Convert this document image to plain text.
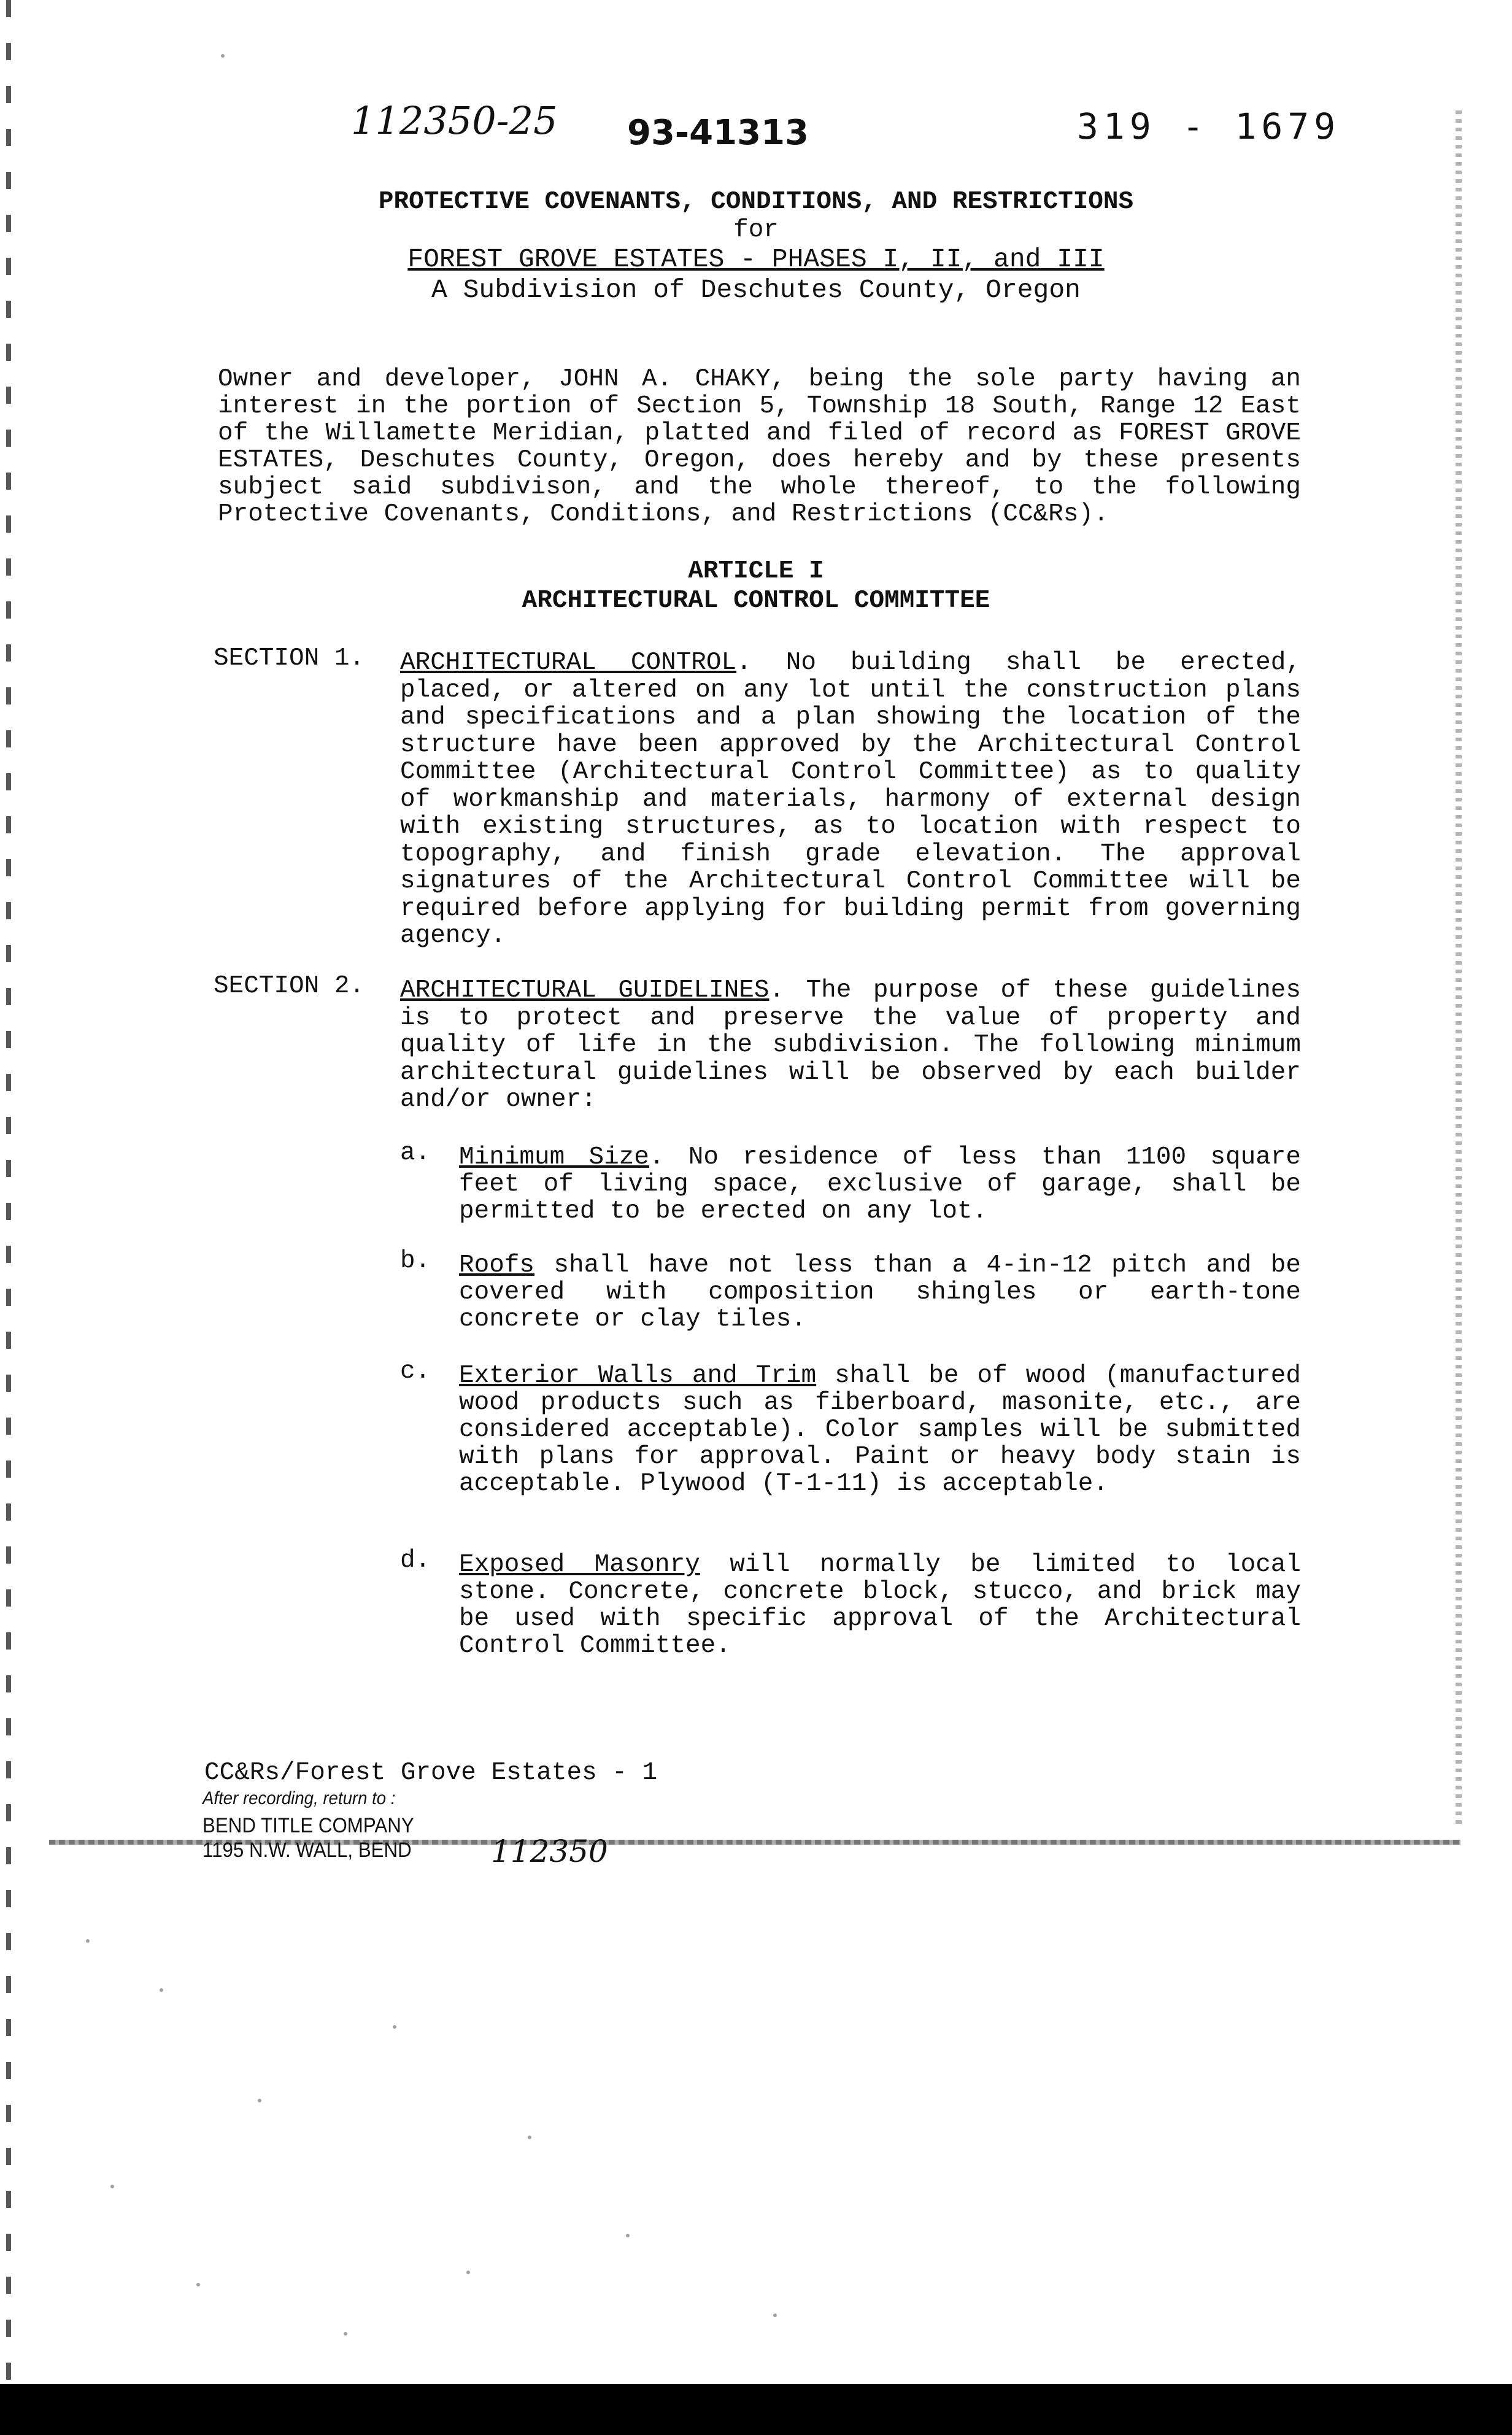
112350-25 93-41313	319 - 1679
PROTECTIVE COVENANTS, CONDITIONS, AND RESTRICTIONS
for
FOREST GROVE ESTATES - PHASES I, II, and III
A Subdivision of Deschutes County, Oregon
Owner and developer, JOHN A. CHAKY, being the sole party having an interest in the portion of Section 5, Township 18 South, Range 12 East of the Willamette Meridian, platted and filed of record as FOREST GROVE ESTATES, Deschutes County, Oregon, does hereby and by these presents subject said subdivison, and the whole thereof, to the following Protective Covenants, Conditions, and Restrictions (CC&Rs).
ARTICLE I
ARCHITECTURAL CONTROL COMMITTEE
SECTION 1. ARCHITECTURAL CONTROL. No building shall be erected, placed, or altered on any lot until the construction plans and specifications and a plan showing the location of the structure have been approved by the Architectural Control Committee (Architectural Control Committee) as to quality of workmanship and materials, harmony of external design with existing structures, as to location with respect to topography, and finish grade elevation. The approval signatures of the Architectural Control Committee will be required before applying for building permit from governing agency.
SECTION 2. ARCHITECTURAL GUIDELINES. The purpose of these guidelines is to protect and preserve the value of property and quality of life in the subdivision. The following minimum architectural guidelines will be observed by each builder and/or owner:
a. Minimum Size. No residence of less than 1100 square feet of living space, exclusive of garage, shall be permitted to be erected on any lot.
b. Roofs shall have not less than a 4-in-12 pitch and be covered with composition shingles or earth-tone concrete or clay tiles.
c. Exterior Walls and Trim shall be of wood (manufactured wood products such as fiberboard, masonite, etc., are considered acceptable). Color samples will be submitted with plans for approval. Paint or heavy body stain is acceptable. Plywood (T-1-11) is acceptable.
d. Exposed Masonry will normally be limited to local stone. Concrete, concrete block, stucco, and brick may be used with specific approval of the Architectural Control Committee.
CC&Rs/Forest Grove Estates - 1
After recording, return to :
BEND TITLE COMPANY
1195 N.W. WALL, BEND	112350
